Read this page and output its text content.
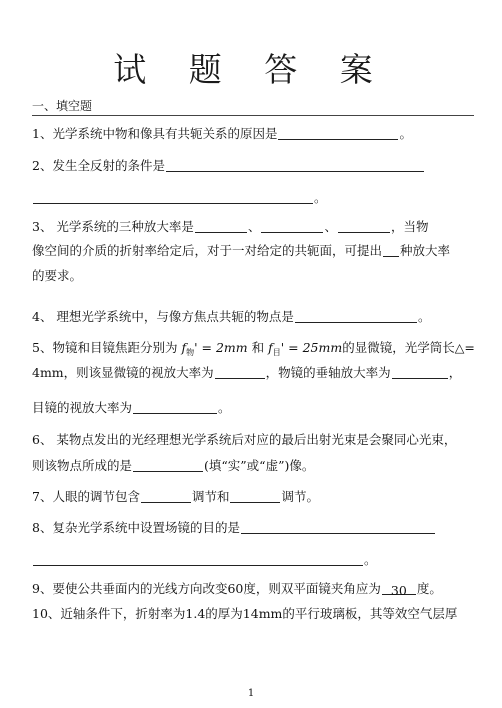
试 题 答 案
一、填空题
1、光学系统中物和像具有共轭关系的原因是	。
2、发生全反射的条件是
。
3、 光学系统的三种放大率是	、	、	，当物
像空间的介质的折射率给定后，对于一对给定的共轭面，可提出 种放大率
的要求。
4、 理想光学系统中，与像方焦点共轭的物点是	。
5、物镜和目镜焦距分别为 $f_物' = 2mm$ 和 $f_目' = 25mm$的显微镜，光学筒长△=
4mm，则该显微镜的视放大率为	，物镜的垂轴放大率为	，
目镜的视放大率为	。
6、 某物点发出的光经理想光学系统后对应的最后出射光束是会聚同心光束，
则该物点所成的是	(填“实”或“虚”)像。
7、人眼的调节包含	调节和	调节。
8、复杂光学系统中设置场镜的目的是
。
9、要使公共垂面内的光线方向改变60度，则双平面镜夹角应为 30 度。
10、近轴条件下，折射率为1.4的厚为14mm的平行玻璃板，其等效空气层厚
1
